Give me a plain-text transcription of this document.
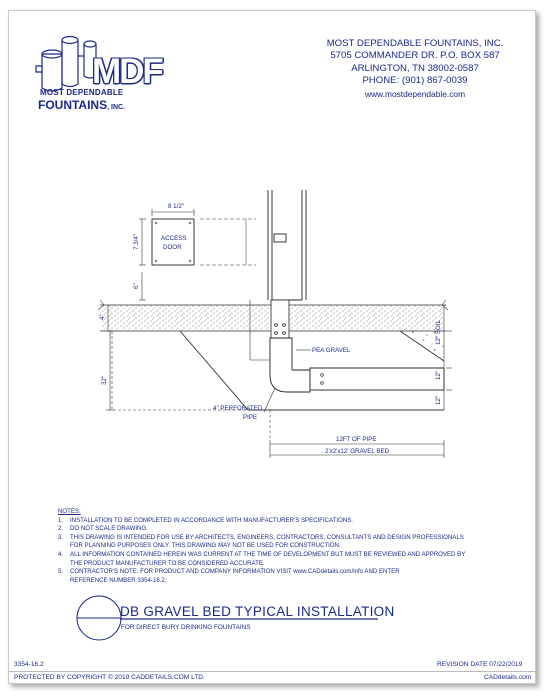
MDF
MOST DEPENDABLE
FOUNTAINS, INC.
MOST DEPENDABLE FOUNTAINS, INC.
5705 COMMANDER DR. P.O. BOX 587
ARLINGTON, TN 38002-0587
PHONE: (901) 867-0039
www.mostdependable.com
8 1/2"
7 3/4"	ACCESS
DOOR
6"
4"
32"
12" SOIL
12"
12"
PEA GRAVEL
4" PERFORATED
PIPE
12FT OF PIPE
2'x2'x12' GRAVEL BED
NOTES:
1.	INSTALLATION TO BE COMPLETED IN ACCORDANCE WITH MANUFACTURER'S SPECIFICATIONS.
2.	DO NOT SCALE DRAWING.
3.	THIS DRAWING IS INTENDED FOR USE BY ARCHITECTS, ENGINEERS, CONTRACTORS, CONSULTANTS AND DESIGN PROFESSIONALS
FOR PLANNING PURPOSES ONLY. THIS DRAWING MAY NOT BE USED FOR CONSTRUCTION.
4.	ALL INFORMATION CONTAINED HEREIN WAS CURRENT AT THE TIME OF DEVELOPMENT BUT MUST BE REVIEWED AND APPROVED BY
THE PRODUCT MANUFACTURER TO BE CONSIDERED ACCURATE.
5.	CONTRACTOR'S NOTE: FOR PRODUCT AND COMPANY INFORMATION VISIT www.CADdetails.com/info AND ENTER
REFERENCE NUMBER 3354-16.2.
DB GRAVEL BED TYPICAL INSTALLATION
FOR DIRECT BURY DRINKING FOUNTAINS
3354-16.2	REVISION DATE 07/22/2019
PROTECTED BY COPYRIGHT © 2019 CADDETAILS.COM LTD.	CADdetails.com
